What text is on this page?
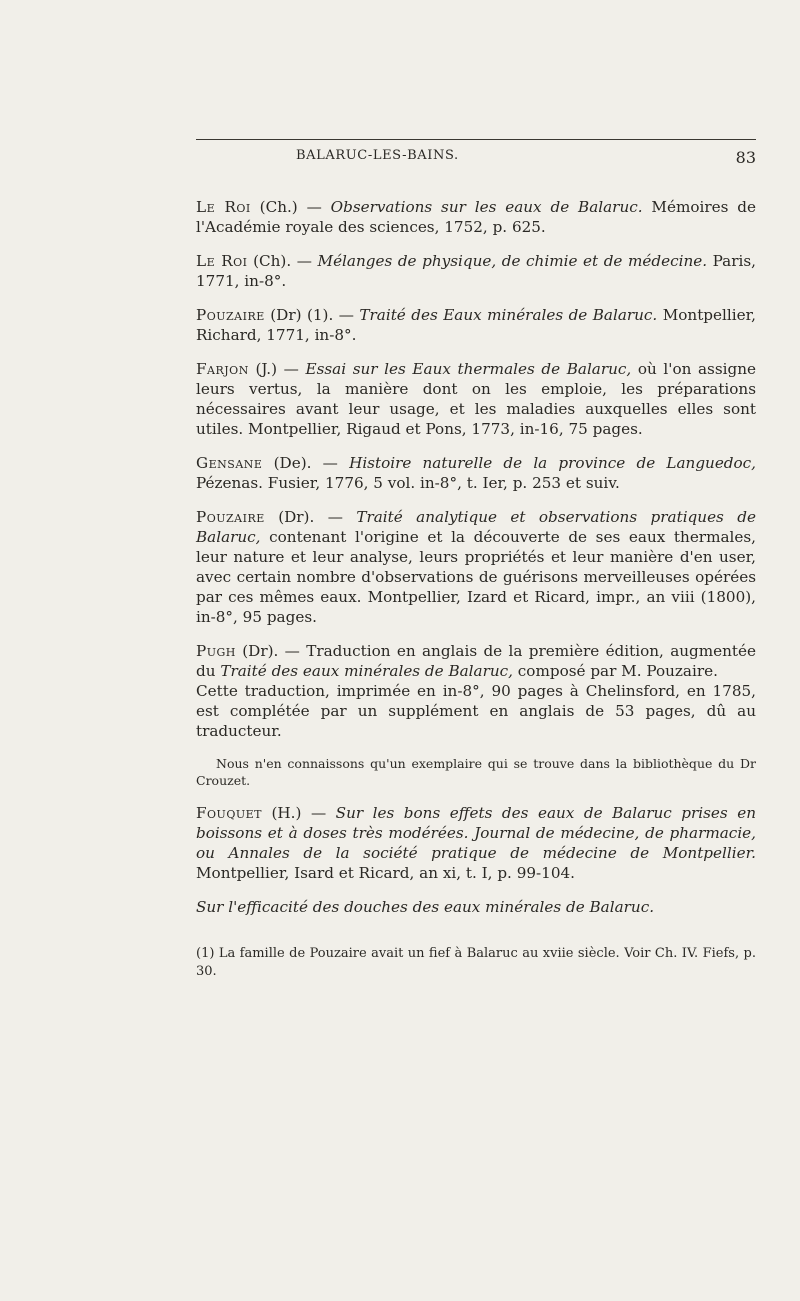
BALARUC-LES-BAINS.	83

Le Roi (Ch.) — Observations sur les eaux de Balaruc. Mémoires de l'Académie royale des sciences, 1752, p. 625.

Le Roi (Ch). — Mélanges de physique, de chimie et de médecine. Paris, 1771, in-8°.

Pouzaire (Dr) (1). — Traité des Eaux minérales de Balaruc. Montpellier, Richard, 1771, in-8°.

Farjon (J.) — Essai sur les Eaux thermales de Balaruc, où l'on assigne leurs vertus, la manière dont on les emploie, les préparations nécessaires avant leur usage, et les maladies auxquelles elles sont utiles. Montpellier, Rigaud et Pons, 1773, in-16, 75 pages.

Gensane (De). — Histoire naturelle de la province de Languedoc, Pézenas. Fusier, 1776, 5 vol. in-8°, t. Ier, p. 253 et suiv.

Pouzaire (Dr). — Traité analytique et observations pratiques de Balaruc, contenant l'origine et la découverte de ses eaux thermales, leur nature et leur analyse, leurs propriétés et leur manière d'en user, avec certain nombre d'observations de guérisons merveilleuses opérées par ces mêmes eaux. Montpellier, Izard et Ricard, impr., an viii (1800), in-8°, 95 pages.

Pugh (Dr). — Traduction en anglais de la première édition, augmentée du Traité des eaux minérales de Balaruc, composé par M. Pouzaire.

Cette traduction, imprimée en in-8°, 90 pages à Chelinsford, en 1785, est complétée par un supplément en anglais de 53 pages, dû au traducteur.

Nous n'en connaissons qu'un exemplaire qui se trouve dans la bibliothèque du Dr Crouzet.

Fouquet (H.) — Sur les bons effets des eaux de Balaruc prises en boissons et à doses très modérées. Journal de médecine, de pharmacie, ou Annales de la société pratique de médecine de Montpellier. Montpellier, Isard et Ricard, an xi, t. I, p. 99-104.

Sur l'efficacité des douches des eaux minérales de Balaruc.

(1) La famille de Pouzaire avait un fief à Balaruc au xviie siècle. Voir Ch. IV. Fiefs, p. 30.
